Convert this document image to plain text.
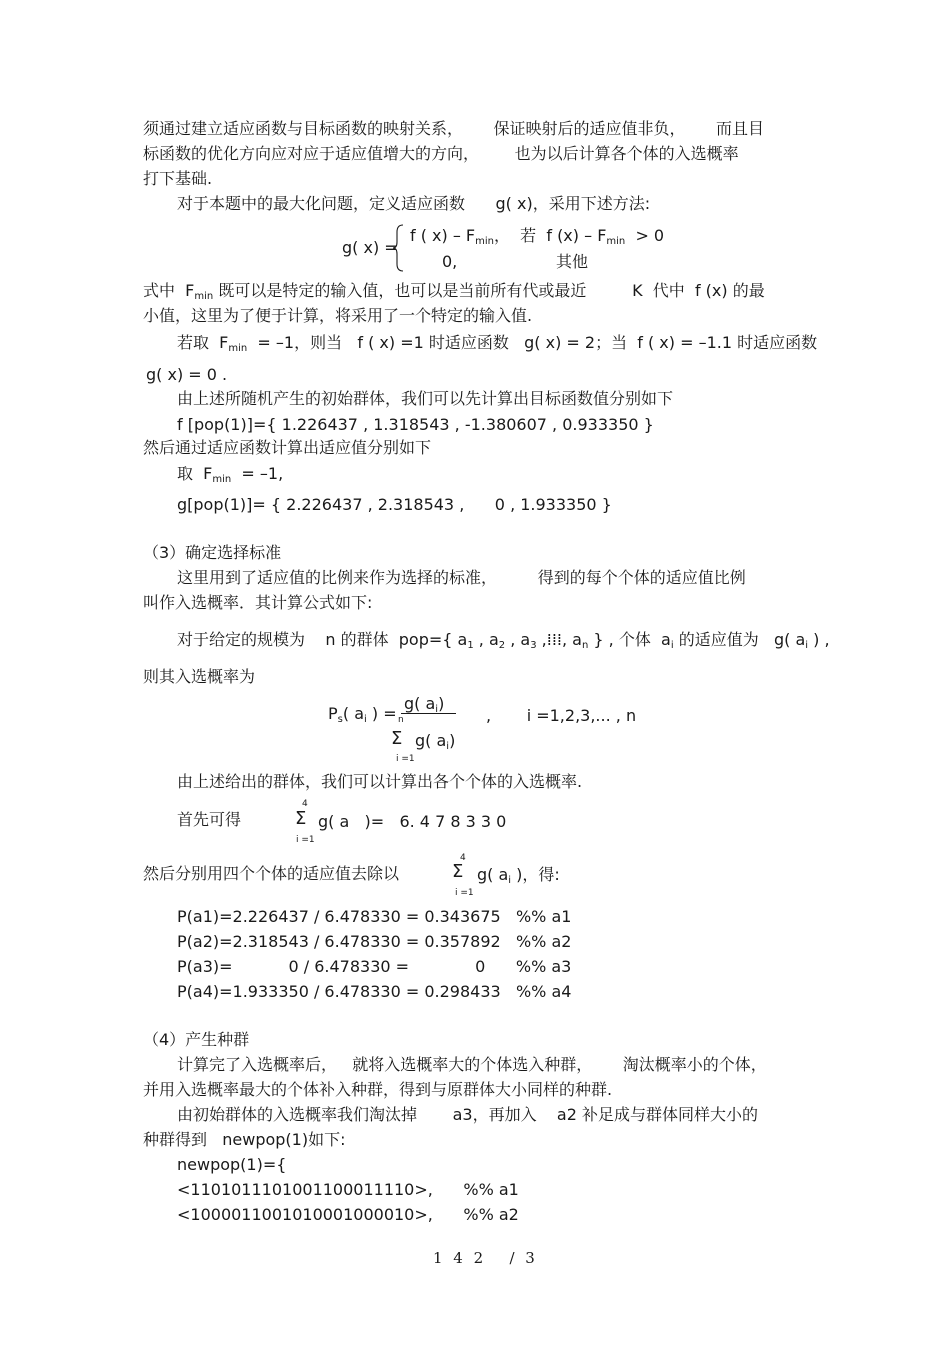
须通过建立适应函数与目标函数的映射关系，      保证映射后的适应值非负，      而且目
标函数的优化方向应对应于适应值增大的方向，       也为以后计算各个体的入选概率
打下基础.
对于本题中的最大化问题，定义适应函数      g( x)，采用下述方法:
g( x) =
f ( $x) - F_{min}$，  若  f $(x) - F_{min} > 0$
0,	其他
式中  $F_{min}$ 既可以是特定的输入值，也可以是当前所有代或最近         K  代中  f (x) 的最
小值，这里为了便于计算，将采用了一个特定的输入值.
若取  $F_{min} = -1$，则当   f ( x) =1 时适应函数   g( x) = 2；当  f ( x) = –1.1 时适应函数
g( x) = 0 .
由上述所随机产生的初始群体，我们可以先计算出目标函数值分别如下
f [pop(1)]={ 1.226437 , 1.318543 , -1.380607 , 0.933350 }
然后通过适应函数计算出适应值分别如下
取  $F_{min} = -1$,
g[pop(1)]= { 2.226437 , 2.318543 ,      0 , 1.933350 }
（3）确定选择标准
这里用到了适应值的比例来作为选择的标准，        得到的每个个体的适应值比例
叫作入选概率．其计算公式如下:
对于给定的规模为    n 的群体  pop={ $a_1$ , $a_2$ , $a_3$ ,⁞⁞⁞, $a_n$ } , 个体  $a_i$ 的适应值为   g( $a_i$ ) ,
则其入选概率为
$P_s$( $a_i$ ) =
g( $a_i$)
n
Σ
i =1
g( $a_i$)
,       i =1,2,3,... , n
由上述给出的群体，我们可以计算出各个个体的入选概率.
首先可得
4
Σ
i =1
g( a   )=   6. 4 7 8 3 3 0
然后分别用四个个体的适应值去除以
4
Σ
i =1
g( $a_i$ )，得:
P(a1)=2.226437 / 6.478330 = 0.343675   %% a1
P(a2)=2.318543 / 6.478330 = 0.357892   %% a2
P(a3)=           0 / 6.478330 =             0      %% a3
P(a4)=1.933350 / 6.478330 = 0.298433   %% a4
（4）产生种群
计算完了入选概率后，   就将入选概率大的个体选入种群，      淘汰概率小的个体，
并用入选概率最大的个体补入种群，得到与原群体大小同样的种群.
由初始群体的入选概率我们淘汰掉       a3，再加入    a2 补足成与群体同样大小的
种群得到   newpop(1)如下:
newpop(1)={
<1101011101001100011110>,      %% a1
<1000011001010001000010>,      %% a2
1 4 2   / 3
